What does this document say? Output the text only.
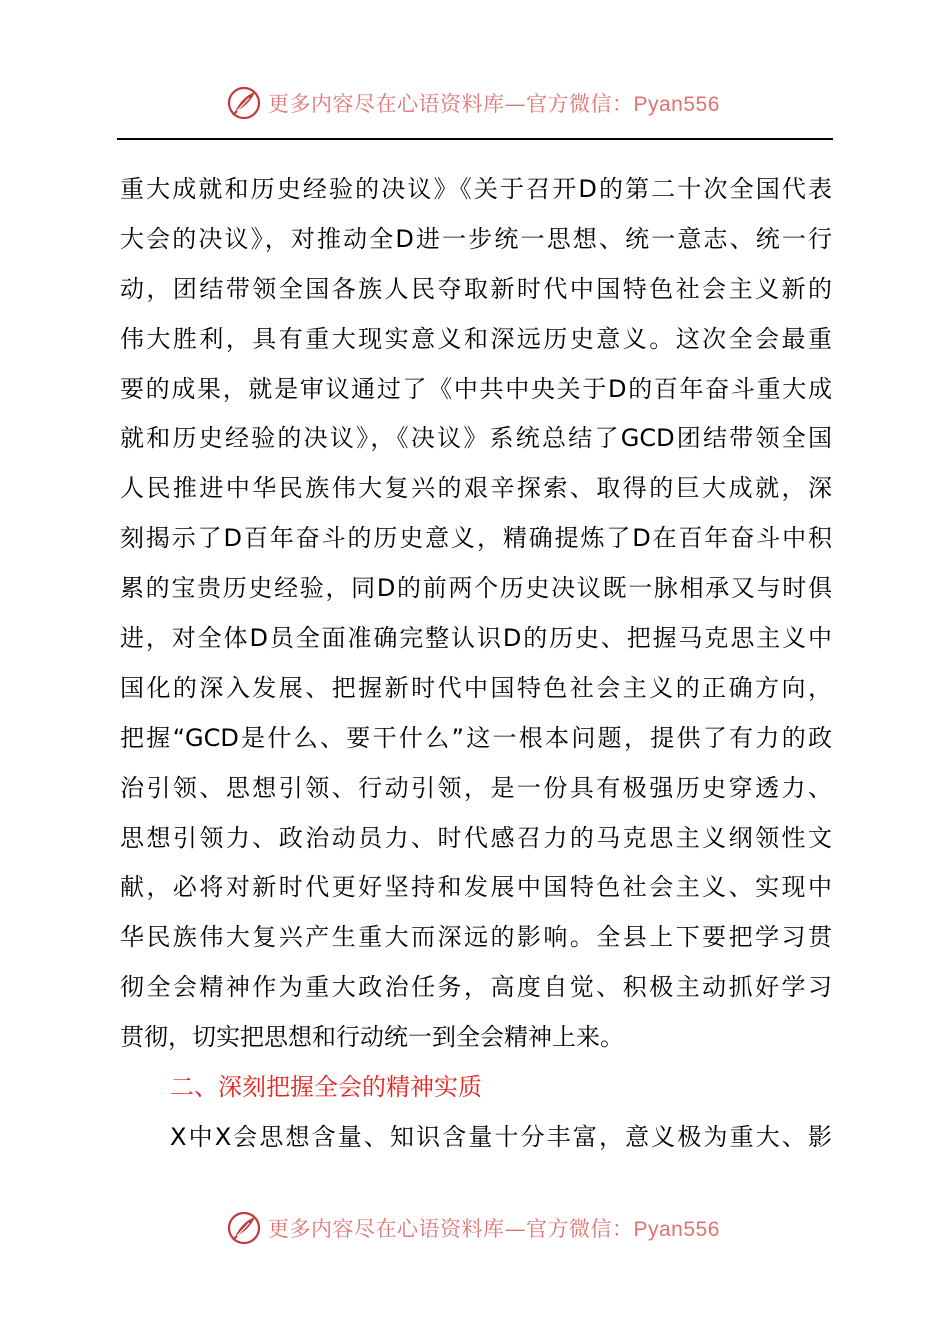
更多内容尽在心语资料库—官方微信：Pyan556
重大成就和历史经验的决议》《关于召开D的第二十次全国代表
大会的决议》，对推动全D进一步统一思想、统一意志、统一行
动，团结带领全国各族人民夺取新时代中国特色社会主义新的
伟大胜利，具有重大现实意义和深远历史意义。这次全会最重
要的成果，就是审议通过了《中共中央关于D的百年奋斗重大成
就和历史经验的决议》，《决议》系统总结了GCD团结带领全国
人民推进中华民族伟大复兴的艰辛探索、取得的巨大成就，深
刻揭示了D百年奋斗的历史意义，精确提炼了D在百年奋斗中积
累的宝贵历史经验，同D的前两个历史决议既一脉相承又与时俱
进，对全体D员全面准确完整认识D的历史、把握马克思主义中
国化的深入发展、把握新时代中国特色社会主义的正确方向，
把握“GCD是什么、要干什么”这一根本问题，提供了有力的政
治引领、思想引领、行动引领，是一份具有极强历史穿透力、
思想引领力、政治动员力、时代感召力的马克思主义纲领性文
献，必将对新时代更好坚持和发展中国特色社会主义、实现中
华民族伟大复兴产生重大而深远的影响。全县上下要把学习贯
彻全会精神作为重大政治任务，高度自觉、积极主动抓好学习
贯彻，切实把思想和行动统一到全会精神上来。
二、深刻把握全会的精神实质
X中X会思想含量、知识含量十分丰富，意义极为重大、影
更多内容尽在心语资料库—官方微信：Pyan556
